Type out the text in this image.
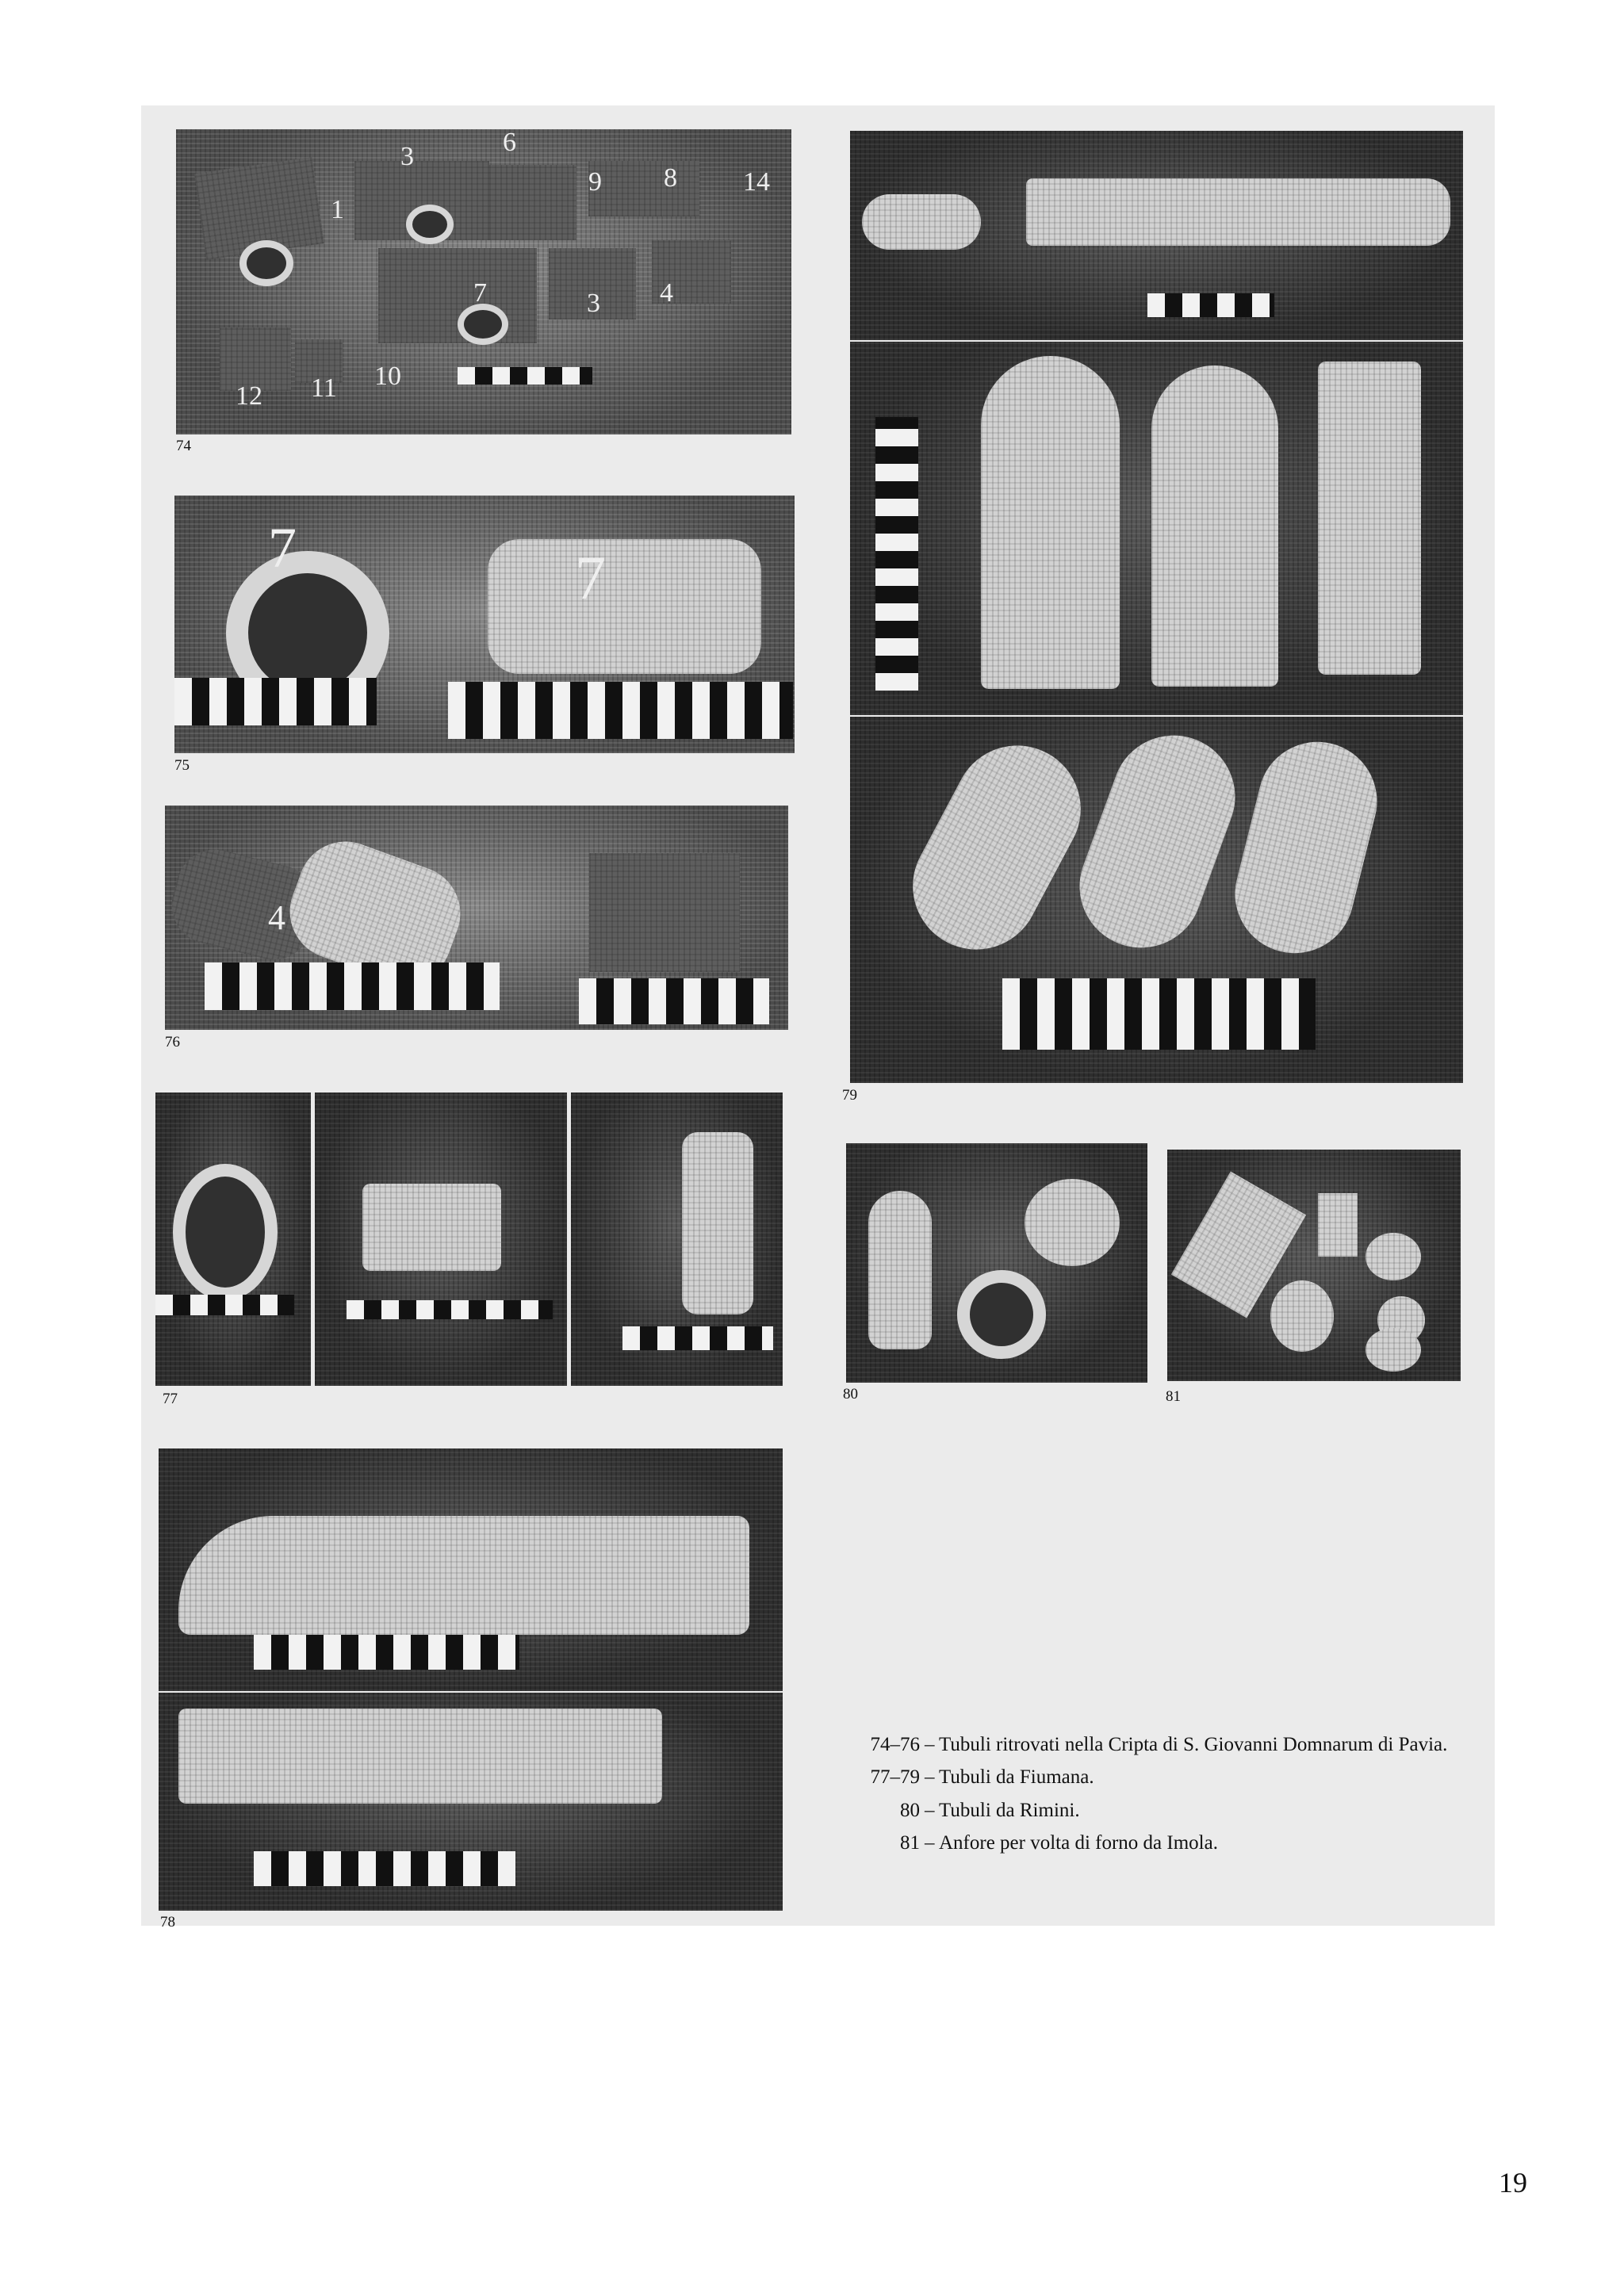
3	6
1
9 8 14
7	3 4
12 11 10
74
7	7
75
4
76
77
78
79
80	81
74–76 – Tubuli ritrovati nella Cripta di S. Giovanni Domnarum di Pavia.
77–79 – Tubuli da Fiumana.
80 – Tubuli da Rimini.
81 – Anfore per volta di forno da Imola.
19
